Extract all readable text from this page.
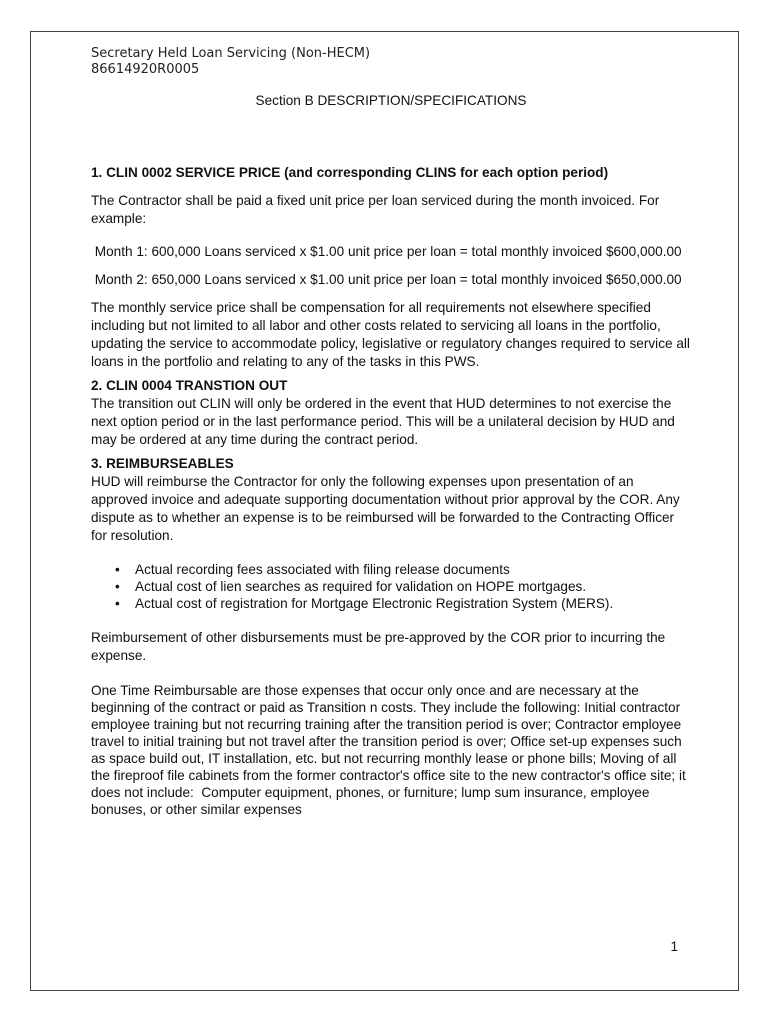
Secretary Held Loan Servicing (Non-HECM)
86614920R0005
Section B DESCRIPTION/SPECIFICATIONS
1. CLIN 0002 SERVICE PRICE (and corresponding CLINS for each option period)

The Contractor shall be paid a fixed unit price per loan serviced during the month invoiced. For example:

Month 1: 600,000 Loans serviced x $1.00 unit price per loan = total monthly invoiced $600,000.00

Month 2: 650,000 Loans serviced x $1.00 unit price per loan = total monthly invoiced $650,000.00

The monthly service price shall be compensation for all requirements not elsewhere specified including but not limited to all labor and other costs related to servicing all loans in the portfolio, updating the service to accommodate policy, legislative or regulatory changes required to service all loans in the portfolio and relating to any of the tasks in this PWS.

2. CLIN 0004 TRANSTION OUT

The transition out CLIN will only be ordered in the event that HUD determines to not exercise the next option period or in the last performance period. This will be a unilateral decision by HUD and may be ordered at any time during the contract period.

3. REIMBURSEABLES

HUD will reimburse the Contractor for only the following expenses upon presentation of an approved invoice and adequate supporting documentation without prior approval by the COR. Any dispute as to whether an expense is to be reimbursed will be forwarded to the Contracting Officer for resolution.

• Actual recording fees associated with filing release documents
• Actual cost of lien searches as required for validation on HOPE mortgages.
• Actual cost of registration for Mortgage Electronic Registration System (MERS).

Reimbursement of other disbursements must be pre-approved by the COR prior to incurring the expense.

One Time Reimbursable are those expenses that occur only once and are necessary at the beginning of the contract or paid as Transition n costs. They include the following: Initial contractor employee training but not recurring training after the transition period is over; Contractor employee travel to initial training but not travel after the transition period is over; Office set-up expenses such as space build out, IT installation, etc. but not recurring monthly lease or phone bills; Moving of all the fireproof file cabinets from the former contractor's office site to the new contractor's office site; it does not include:  Computer equipment, phones, or furniture; lump sum insurance, employee bonuses, or other similar expenses

1
